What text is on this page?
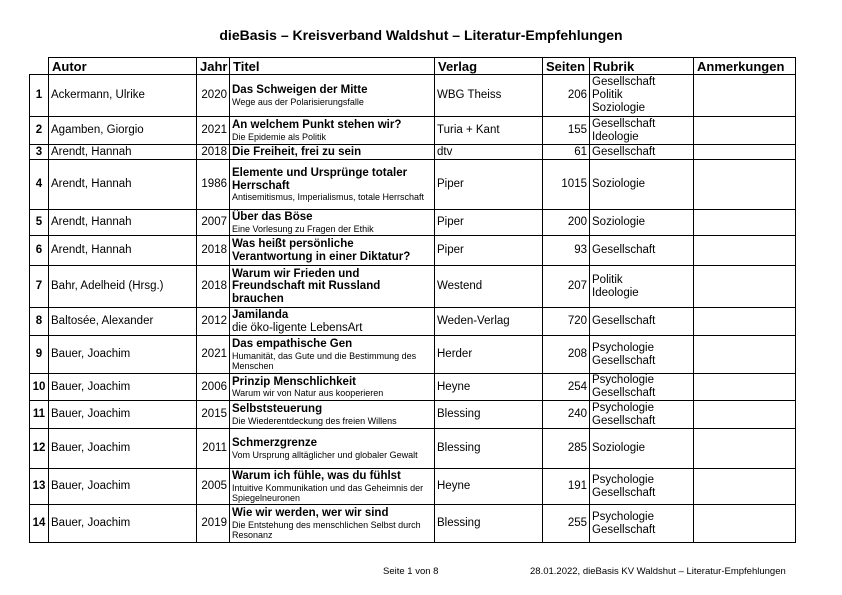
dieBasis – Kreisverband Waldshut – Literatur-Empfehlungen
	Autor	Jahr	Titel	Verlag	Seiten	Rubrik	Anmerkungen
1	Ackermann, Ulrike	2020	Das Schweigen der Mitte
Wege aus der Polarisierungsfalle	WBG Theiss	206	Gesellschaft
Politik
Soziologie	

2	Agamben, Giorgio	2021	An welchem Punkt stehen wir?
Die Epidemie als Politik	Turia + Kant	155	Gesellschaft
Ideologie	

3	Arendt, Hannah	2018	Die Freiheit, frei zu sein	dtv	61	Gesellschaft	

4	Arendt, Hannah	1986	Elemente und Ursprünge totaler Herrschaft
Antisemitismus, Imperialismus, totale Herrschaft	Piper	1015	Soziologie	

5	Arendt, Hannah	2007	Über das Böse
Eine Vorlesung zu Fragen der Ethik	Piper	200	Soziologie	

6	Arendt, Hannah	2018	Was heißt persönliche Verantwortung in einer Diktatur?	Piper	93	Gesellschaft	

7	Bahr, Adelheid (Hrsg.)	2018	Warum wir Frieden und Freundschaft mit Russland brauchen	Westend	207	Politik
Ideologie	

8	Baltosée, Alexander	2012	Jamilanda
die öko-ligente LebensArt	Weden-Verlag	720	Gesellschaft	

9	Bauer, Joachim	2021	Das empathische Gen
Humanität, das Gute und die Bestimmung des Menschen	Herder	208	Psychologie
Gesellschaft	

10	Bauer, Joachim	2006	Prinzip Menschlichkeit
Warum wir von Natur aus kooperieren	Heyne	254	Psychologie
Gesellschaft	

11	Bauer, Joachim	2015	Selbststeuerung
Die Wiederentdeckung des freien Willens	Blessing	240	Psychologie
Gesellschaft	

12	Bauer, Joachim	2011	Schmerzgrenze
Vom Ursprung alltäglicher und globaler Gewalt	Blessing	285	Soziologie	

13	Bauer, Joachim	2005	Warum ich fühle, was du fühlst
Intuitive Kommunikation und das Geheimnis der Spiegelneuronen	Heyne	191	Psychologie
Gesellschaft	

14	Bauer, Joachim	2019	Wie wir werden, wer wir sind
Die Entstehung des menschlichen Selbst durch Resonanz	Blessing	255	Psychologie
Gesellschaft	

Seite 1 von 8	28.01.2022, dieBasis KV Waldshut – Literatur-Empfehlungen
